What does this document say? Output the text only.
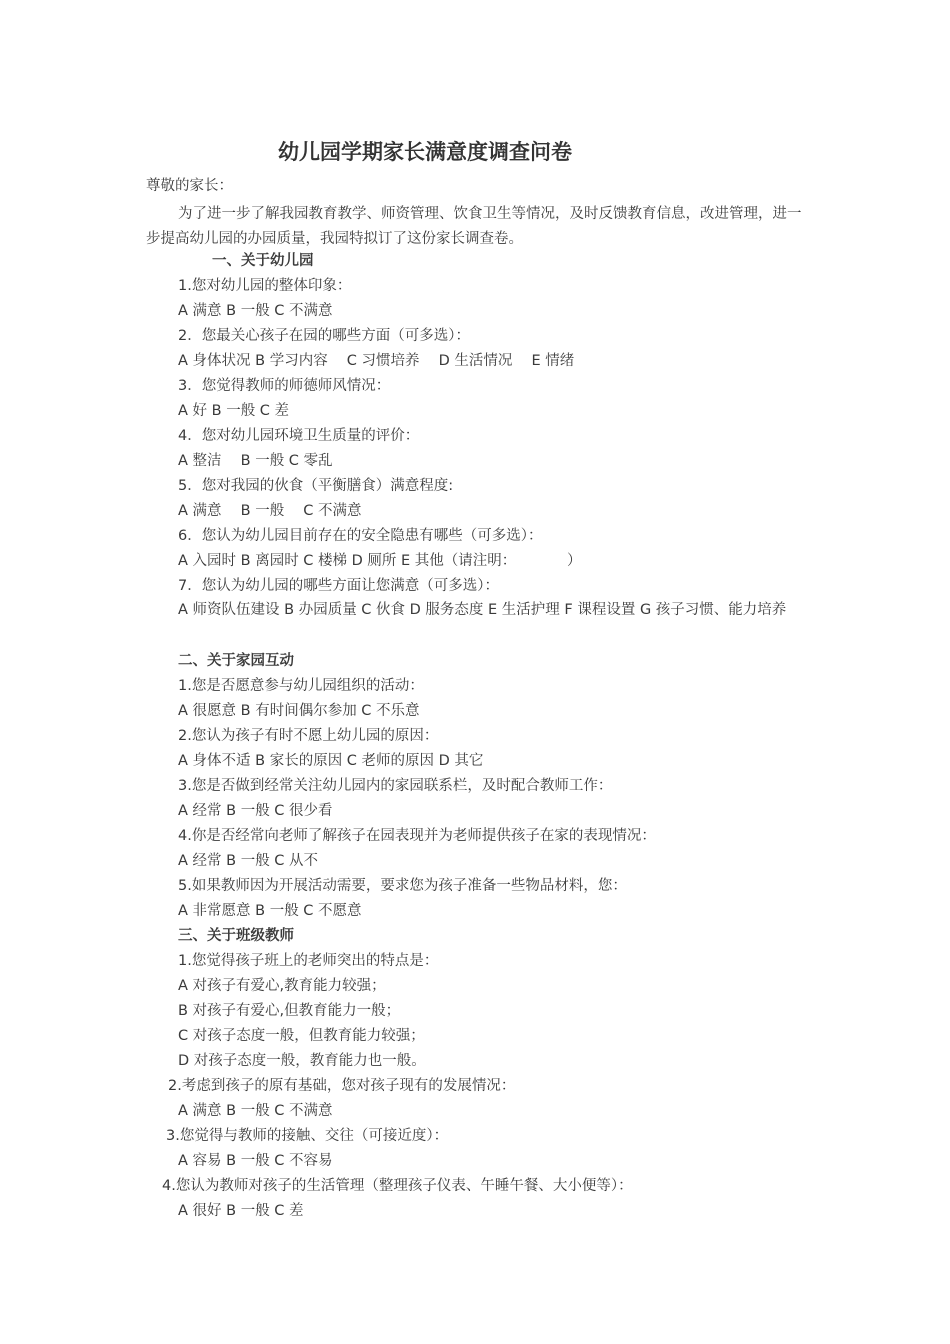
幼儿园学期家长满意度调查问卷
尊敬的家长：
为了进一步了解我园教育教学、师资管理、饮食卫生等情况，及时反馈教育信息，改进管理，进一步提高幼儿园的办园质量，我园特拟订了这份家长调查卷。
一、关于幼儿园
1.您对幼儿园的整体印象：
A 满意 B 一般 C 不满意
2．您最关心孩子在园的哪些方面（可多选）：
A 身体状况 B 学习内容　 C 习惯培养　 D 生活情况　 E 情绪
3．您觉得教师的师德师风情况：
A 好 B 一般 C 差
4．您对幼儿园环境卫生质量的评价：
A 整洁　 B 一般 C 零乱
5．您对我园的伙食（平衡膳食）满意程度:
A 满意　 B 一般　 C 不满意
6．您认为幼儿园目前存在的安全隐患有哪些（可多选）：
A 入园时 B 离园时 C 楼梯 D 厕所 E 其他（请注明：　　　　）
7．您认为幼儿园的哪些方面让您满意（可多选）：
A 师资队伍建设 B 办园质量 C 伙食 D 服务态度 E 生活护理 F 课程设置 G 孩子习惯、能力培养
二、关于家园互动
1.您是否愿意参与幼儿园组织的活动：
A 很愿意 B 有时间偶尔参加 C 不乐意
2.您认为孩子有时不愿上幼儿园的原因：
A 身体不适 B 家长的原因 C 老师的原因 D 其它
3.您是否做到经常关注幼儿园内的家园联系栏，及时配合教师工作：
A 经常 B 一般 C 很少看
4.你是否经常向老师了解孩子在园表现并为老师提供孩子在家的表现情况：
A 经常 B 一般 C 从不
5.如果教师因为开展活动需要，要求您为孩子准备一些物品材料，您：
A 非常愿意 B 一般 C 不愿意
三、关于班级教师
1.您觉得孩子班上的老师突出的特点是：
A 对孩子有爱心,教育能力较强；
B 对孩子有爱心,但教育能力一般；
C 对孩子态度一般，但教育能力较强；
D 对孩子态度一般，教育能力也一般。
2.考虑到孩子的原有基础，您对孩子现有的发展情况：
A 满意 B 一般 C 不满意
3.您觉得与教师的接触、交往（可接近度）：
A 容易 B 一般 C 不容易
4.您认为教师对孩子的生活管理（整理孩子仪表、午睡午餐、大小便等）：
A 很好 B 一般 C 差
